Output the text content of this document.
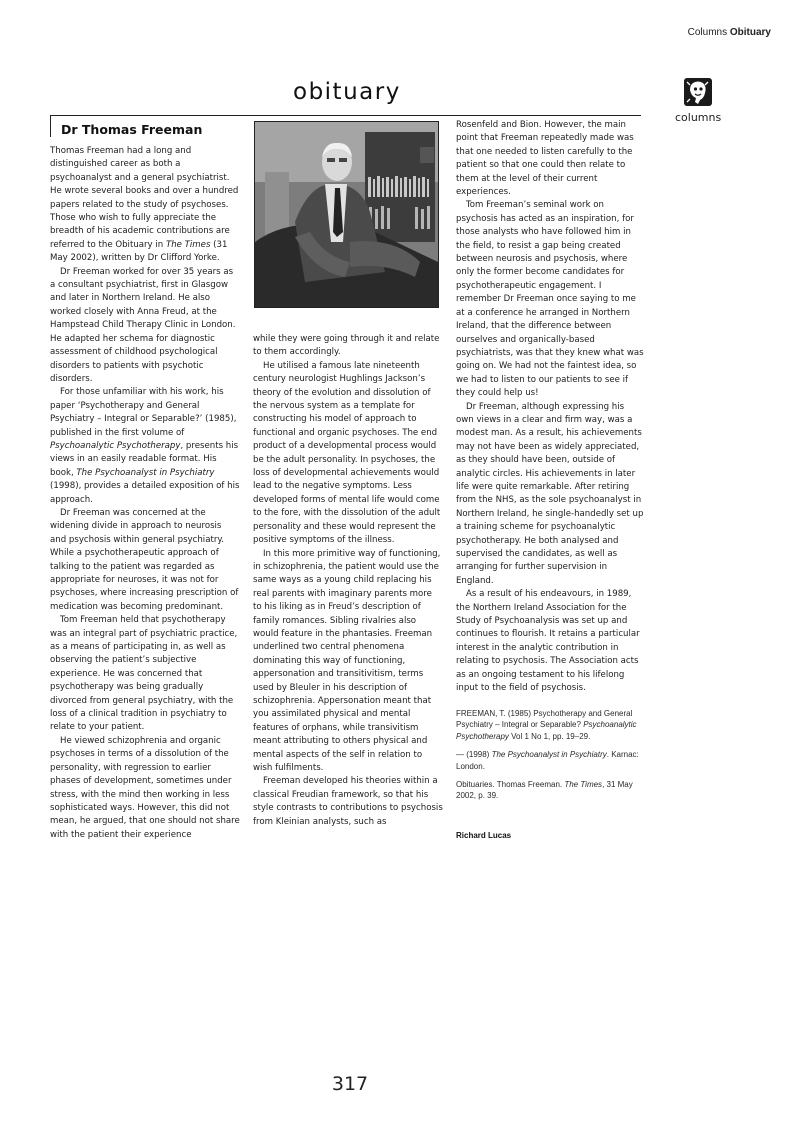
Columns Obituary
obituary
columns
Dr Thomas Freeman

Thomas Freeman had a long and distinguished career as both a psychoanalyst and a general psychiatrist. He wrote several books and over a hundred papers related to the study of psychoses. Those who wish to fully appreciate the breadth of his academic contributions are referred to the Obituary in The Times (31 May 2002), written by Dr Clifford Yorke.

Dr Freeman worked for over 35 years as a consultant psychiatrist, first in Glasgow and later in Northern Ireland. He also worked closely with Anna Freud, at the Hampstead Child Therapy Clinic in London. He adapted her schema for diagnostic assessment of childhood psychological disorders to patients with psychotic disorders.

For those unfamiliar with his work, his paper ‘Psychotherapy and General Psychiatry – Integral or Separable?’ (1985), published in the first volume of Psychoanalytic Psychotherapy, presents his views in an easily readable format. His book, The Psychoanalyst in Psychiatry (1998), provides a detailed exposition of his approach.

Dr Freeman was concerned at the widening divide in approach to neurosis and psychosis within general psychiatry. While a psychotherapeutic approach of talking to the patient was regarded as appropriate for neuroses, it was not for psychoses, where increasing prescription of medication was becoming predominant.

Tom Freeman held that psychotherapy was an integral part of psychiatric practice, as a means of participating in, as well as observing the patient’s subjective experience. He was concerned that psychotherapy was being gradually divorced from general psychiatry, with the loss of a clinical tradition in psychiatry to relate to your patient.

He viewed schizophrenia and organic psychoses in terms of a dissolution of the personality, with regression to earlier phases of development, sometimes under stress, with the mind then working in less sophisticated ways. However, this did not mean, he argued, that one should not share with the patient their experience

while they were going through it and relate to them accordingly.

He utilised a famous late nineteenth century neurologist Hughlings Jackson’s theory of the evolution and dissolution of the nervous system as a template for constructing his model of approach to functional and organic psychoses. The end product of a developmental process would be the adult personality. In psychoses, the loss of developmental achievements would lead to the negative symptoms. Less developed forms of mental life would come to the fore, with the dissolution of the adult personality and these would represent the positive symptoms of the illness.

In this more primitive way of functioning, in schizophrenia, the patient would use the same ways as a young child replacing his real parents with imaginary parents more to his liking as in Freud’s description of family romances. Sibling rivalries also would feature in the phantasies. Freeman underlined two central phenomena dominating this way of functioning, appersonation and transitivitism, terms used by Bleuler in his description of schizophrenia. Appersonation meant that you assimilated physical and mental features of orphans, while transivitism meant attributing to others physical and mental aspects of the self in relation to wish fulfilments.

Freeman developed his theories within a classical Freudian framework, so that his style contrasts to contributions to psychosis from Kleinian analysts, such as

Rosenfeld and Bion. However, the main point that Freeman repeatedly made was that one needed to listen carefully to the patient so that one could then relate to them at the level of their current experiences.

Tom Freeman’s seminal work on psychosis has acted as an inspiration, for those analysts who have followed him in the field, to resist a gap being created between neurosis and psychosis, where only the former become candidates for psychotherapeutic engagement. I remember Dr Freeman once saying to me at a conference he arranged in Northern Ireland, that the difference between ourselves and organically-based psychiatrists, was that they knew what was going on. We had not the faintest idea, so we had to listen to our patients to see if they could help us!

Dr Freeman, although expressing his own views in a clear and firm way, was a modest man. As a result, his achievements may not have been as widely appreciated, as they should have been, outside of analytic circles. His achievements in later life were quite remarkable. After retiring from the NHS, as the sole psychoanalyst in Northern Ireland, he single-handedly set up a training scheme for psychoanalytic psychotherapy. He both analysed and supervised the candidates, as well as arranging for further supervision in England.

As a result of his endeavours, in 1989, the Northern Ireland Association for the Study of Psychoanalysis was set up and continues to flourish. It retains a particular interest in the analytic contribution in relating to psychosis. The Association acts as an ongoing testament to his lifelong input to the field of psychosis.

FREEMAN, T. (1985) Psychotherapy and General Psychiatry – Integral or Separable? Psychoanalytic Psychotherapy Vol 1 No 1, pp. 19–29.

— (1998) The Psychoanalyst in Psychiatry. Karnac: London.

Obituaries. Thomas Freeman. The Times, 31 May 2002, p. 39.

Richard Lucas
317
